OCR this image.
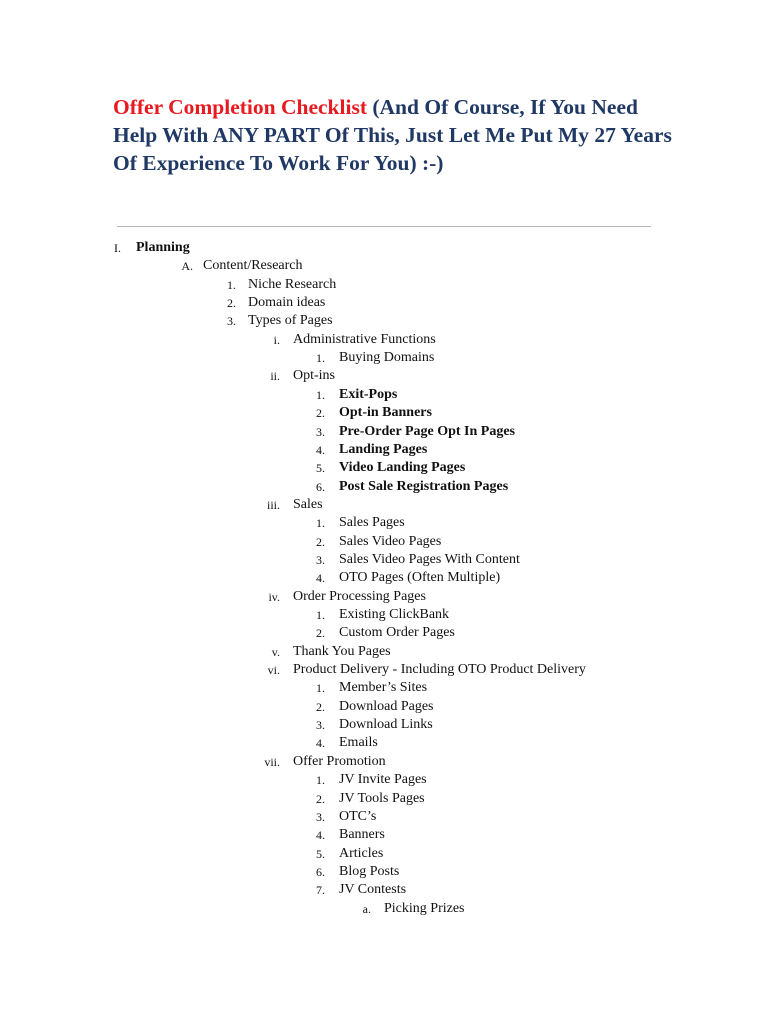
Offer Completion Checklist (And Of Course, If You Need Help With ANY PART Of This, Just Let Me Put My 27 Years Of Experience To Work For You) :-)
I. Planning
A. Content/Research
1. Niche Research
2. Domain ideas
3. Types of Pages
i. Administrative Functions
1. Buying Domains
ii. Opt-ins
1. Exit-Pops
2. Opt-in Banners
3. Pre-Order Page Opt In Pages
4. Landing Pages
5. Video Landing Pages
6. Post Sale Registration Pages
iii. Sales
1. Sales Pages
2. Sales Video Pages
3. Sales Video Pages With Content
4. OTO Pages (Often Multiple)
iv. Order Processing Pages
1. Existing ClickBank
2. Custom Order Pages
v. Thank You Pages
vi. Product Delivery - Including OTO Product Delivery
1. Member’s Sites
2. Download Pages
3. Download Links
4. Emails
vii. Offer Promotion
1. JV Invite Pages
2. JV Tools Pages
3. OTC’s
4. Banners
5. Articles
6. Blog Posts
7. JV Contests
a. Picking Prizes
